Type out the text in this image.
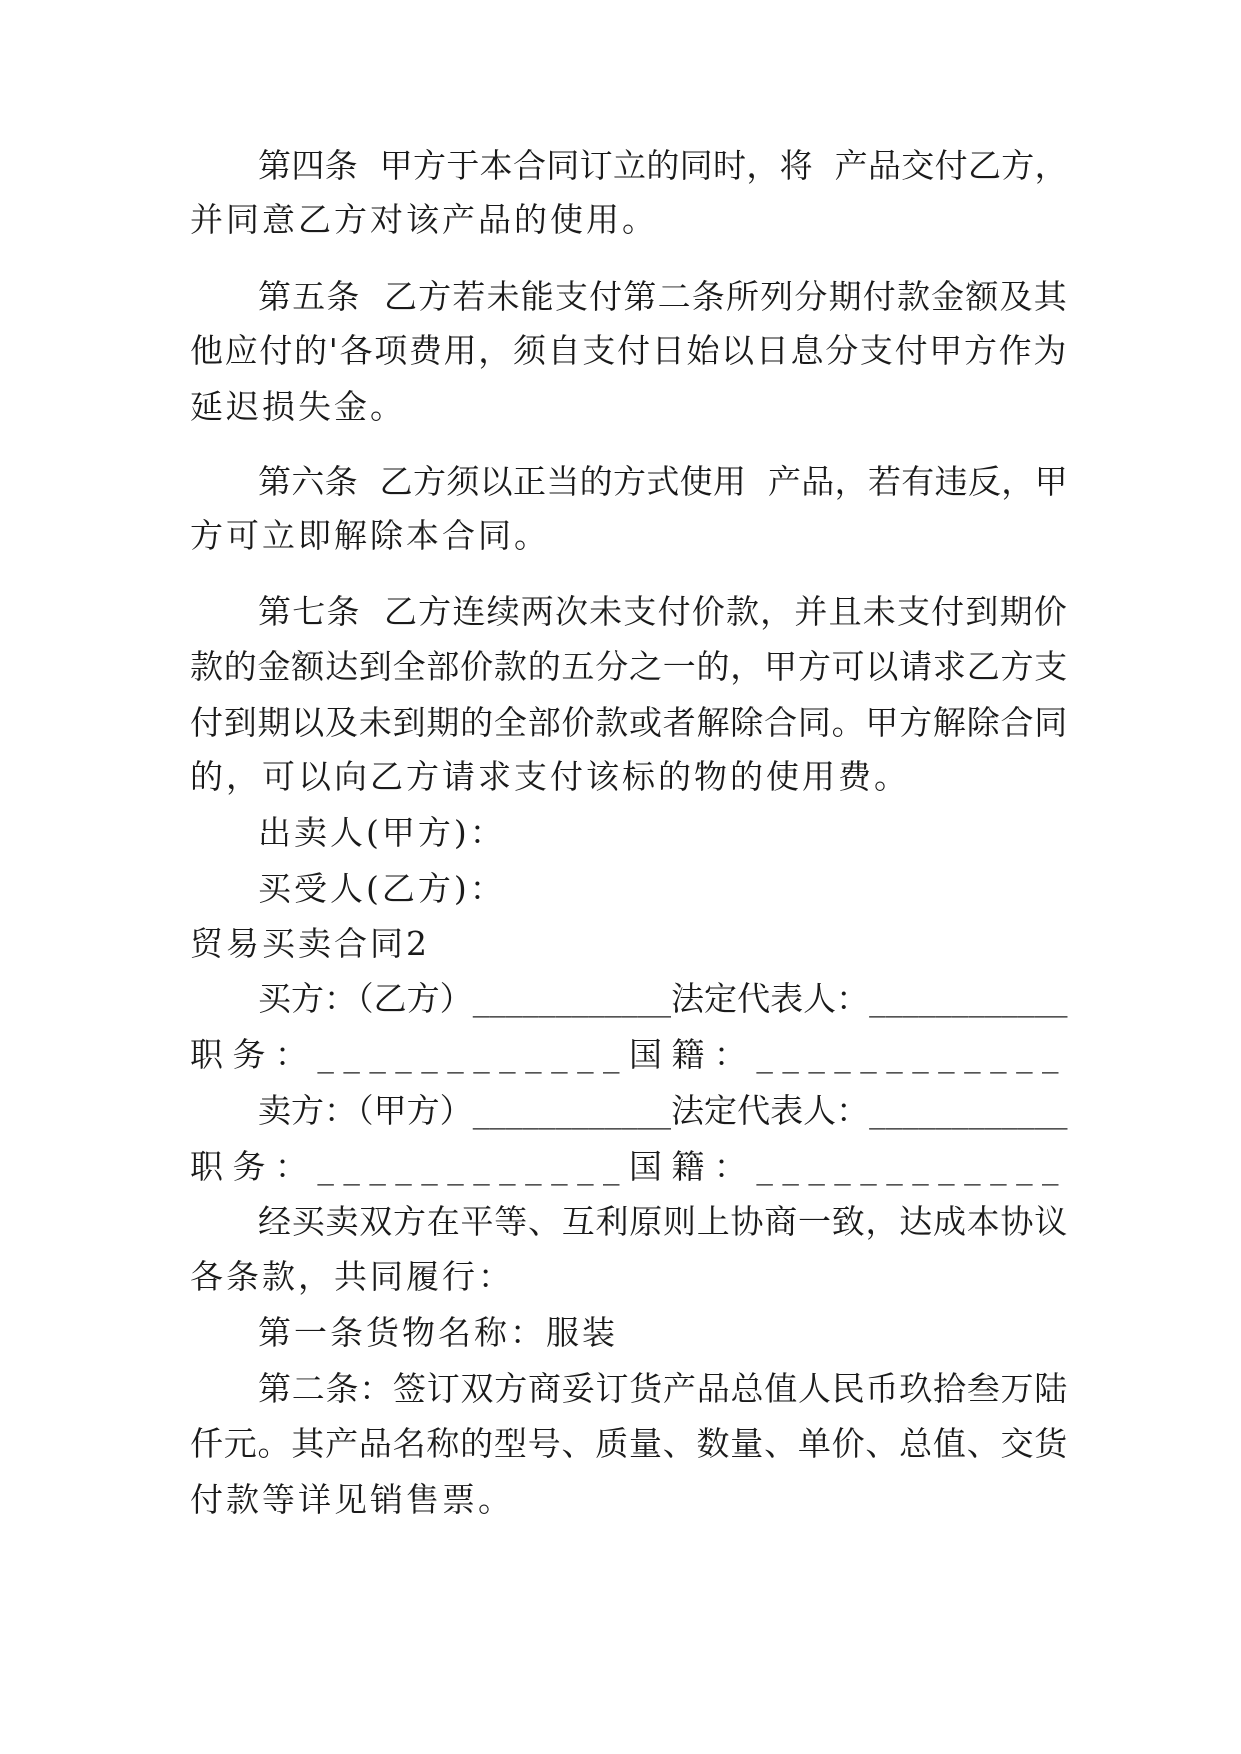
第四条  甲方于本合同订立的同时，将  产品交付乙方，
并同意乙方对该产品的使用。
第五条  乙方若未能支付第二条所列分期付款金额及其
他应付的'各项费用，须自支付日始以日息分支付甲方作为
延迟损失金。
第六条  乙方须以正当的方式使用  产品，若有违反，甲
方可立即解除本合同。
第七条  乙方连续两次未支付价款，并且未支付到期价
款的金额达到全部价款的五分之一的，甲方可以请求乙方支
付到期以及未到期的全部价款或者解除合同。甲方解除合同
的，可以向乙方请求支付该标的物的使用费。
出卖人(甲方)：
买受人(乙方)：
贸易买卖合同2
买方：（乙方）____________法定代表人：____________
职务：____________国籍：____________
卖方：（甲方）____________法定代表人：____________
职务：____________国籍：____________
经买卖双方在平等、互利原则上协商一致，达成本协议
各条款，共同履行：
第一条货物名称：服装
第二条：签订双方商妥订货产品总值人民币玖拾叁万陆
仟元。其产品名称的型号、质量、数量、单价、总值、交货
付款等详见销售票。
